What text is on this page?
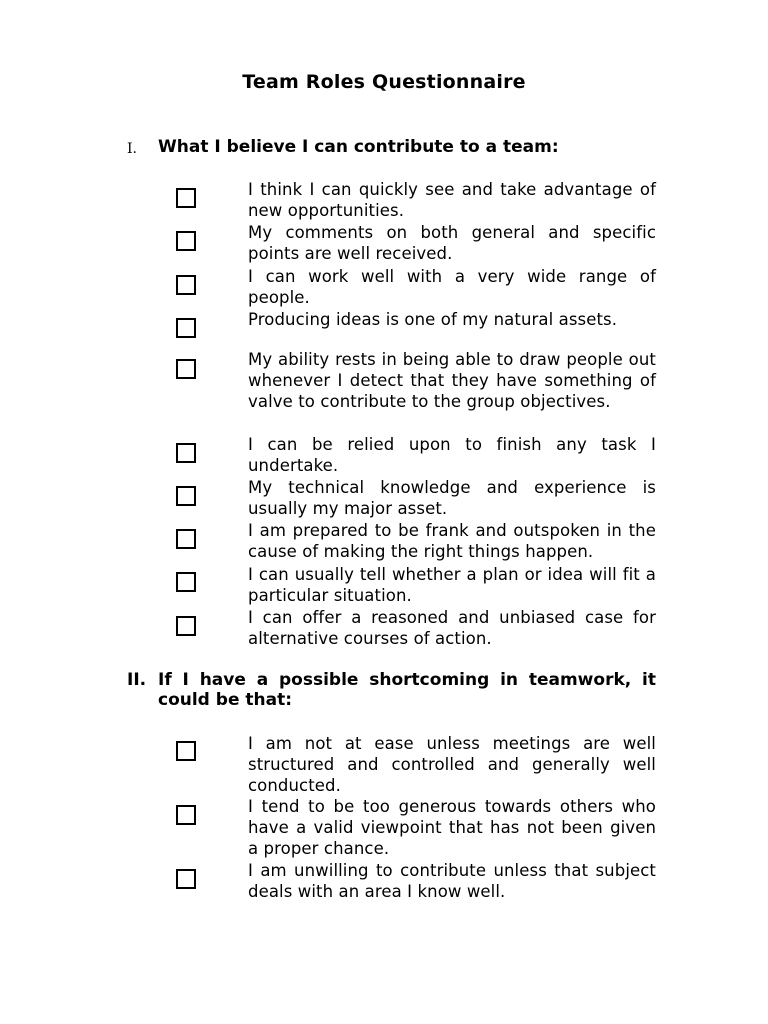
Team Roles Questionnaire
I. What I believe I can contribute to a team:
I think I can quickly see and take advantage of new opportunities.
My comments on both general and specific points are well received.
I can work well with a very wide range of people.
Producing ideas is one of my natural assets.
My ability rests in being able to draw people out whenever I detect that they have something of valve to contribute to the group objectives.
I can be relied upon to finish any task I undertake.
My technical knowledge and experience is usually my major asset.
I am prepared to be frank and outspoken in the cause of making the right things happen.
I can usually tell whether a plan or idea will fit a particular situation.
I can offer a reasoned and unbiased case for alternative courses of action.
II. If I have a possible shortcoming in teamwork, it could be that:
I am not at ease unless meetings are well structured and controlled and generally well conducted.
I tend to be too generous towards others who have a valid viewpoint that has not been given a proper chance.
I am unwilling to contribute unless that subject deals with an area I know well.
